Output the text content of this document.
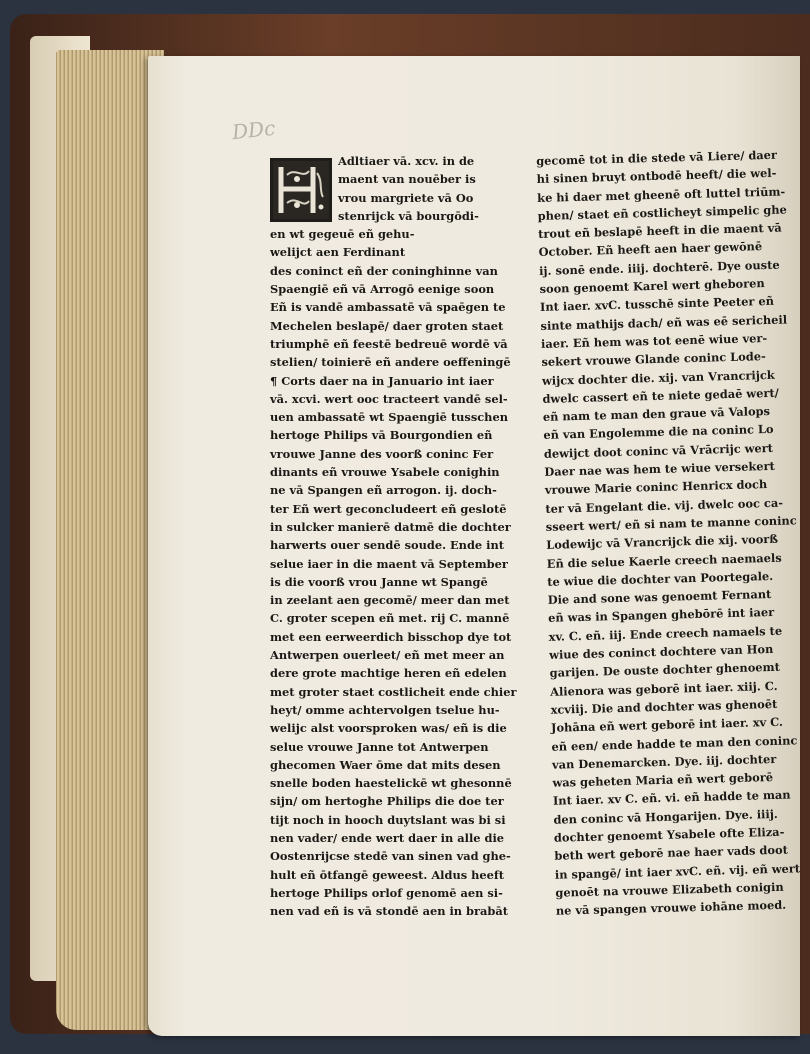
DDc
Adltiaer vā. xcv. in de
maent van nouēber is
vrou margriete vā Oo
stenrijck vā bourgōdi-
en wt gegeuē eñ gehu-
welijct aen Ferdinant
des coninct eñ der coninghinne van
Spaengiē eñ vā Arrogō eenige soon
Eñ is vandē ambassatē vā spaēgen te
Mechelen beslapē/ daer groten staet
triumphē eñ feestē bedreuē wordē vā
stelien/ toinierē eñ andere oeffeningē
¶ Corts daer na in Januario int iaer
vā. xcvi. wert ooc tracteert vandē sel-
uen ambassatē wt Spaengiē tusschen
hertoge Philips vā Bourgondien eñ
vrouwe Janne des voorß coninc Fer
dinants eñ vrouwe Ysabele conighin
ne vā Spangen eñ arrogon. ij. doch-
ter Eñ wert geconcludeert eñ geslotē
in sulcker manierē datmē die dochter
harwerts ouer sendē soude. Ende int
selue iaer in die maent vā September
is die voorß vrou Janne wt Spangē
in zeelant aen gecomē/ meer dan met
C. groter scepen eñ met. rij C. mannē
met een eerweerdich bisschop dye tot
Antwerpen ouerleet/ eñ met meer an
dere grote machtige heren eñ edelen
met groter staet costlicheit ende chier
heyt/ omme achtervolgen tselue hu-
welijc alst voorsproken was/ eñ is die
selue vrouwe Janne tot Antwerpen
ghecomen Waer ōme dat mits desen
snelle boden haestelickē wt ghesonnē
sijn/ om hertoghe Philips die doe ter
tijt noch in hooch duytslant was bi si
nen vader/ ende wert daer in alle die
Oostenrijcse stedē van sinen vad ghe-
hult eñ ōtfangē geweest. Aldus heeft
hertoge Philips orlof genomē aen si-
nen vad eñ is vā stondē aen in brabāt
gecomē tot in die stede vā Liere/ daer
hi sinen bruyt ontbodē heeft/ die wel-
ke hi daer met gheenē oft luttel triūm-
phen/ staet eñ costlicheyt simpelic ghe
trout eñ beslapē heeft in die maent vā
October. Eñ heeft aen haer gewōnē
ij. sonē ende. iiij. dochterē. Dye ouste
soon genoemt Karel wert gheboren
Int iaer. xvC. tusschē sinte Peeter eñ
sinte mathijs dach/ eñ was eē sericheil
iaer. Eñ hem was tot eenē wiue ver-
sekert vrouwe Glande coninc Lode-
wijcx dochter die. xij. van Vrancrijck
dwelc cassert eñ te niete gedaē wert/
eñ nam te man den graue vā Valops
eñ van Engolemme die na coninc Lo
dewijct doot coninc vā Vrācrijc wert
Daer nae was hem te wiue versekert
vrouwe Marie coninc Henricx doch
ter vā Engelant die. vij. dwelc ooc ca-
sseert wert/ eñ si nam te manne coninc
Lodewijc vā Vrancrijck die xij. voorß
Eñ die selue Kaerle creech naemaels
te wiue die dochter van Poortegale.
Die and sone was genoemt Fernant
eñ was in Spangen ghebōrē int iaer
xv. C. eñ. iij. Ende creech namaels te
wiue des coninct dochtere van Hon
garijen. De ouste dochter ghenoemt
Alienora was geborē int iaer. xiij. C.
xcviij. Die and dochter was ghenoēt
Johāna eñ wert geborē int iaer. xv C.
eñ een/ ende hadde te man den coninc
van Denemarcken. Dye. iij. dochter
was geheten Maria eñ wert geborē
Int iaer. xv C. eñ. vi. eñ hadde te man
den coninc vā Hongarijen. Dye. iiij.
dochter genoemt Ysabele ofte Eliza-
beth wert geborē nae haer vads doot
in spangē/ int iaer xvC. eñ. vij. eñ wert
genoēt na vrouwe Elizabeth conigin
ne vā spangen vrouwe iohāne moed.
